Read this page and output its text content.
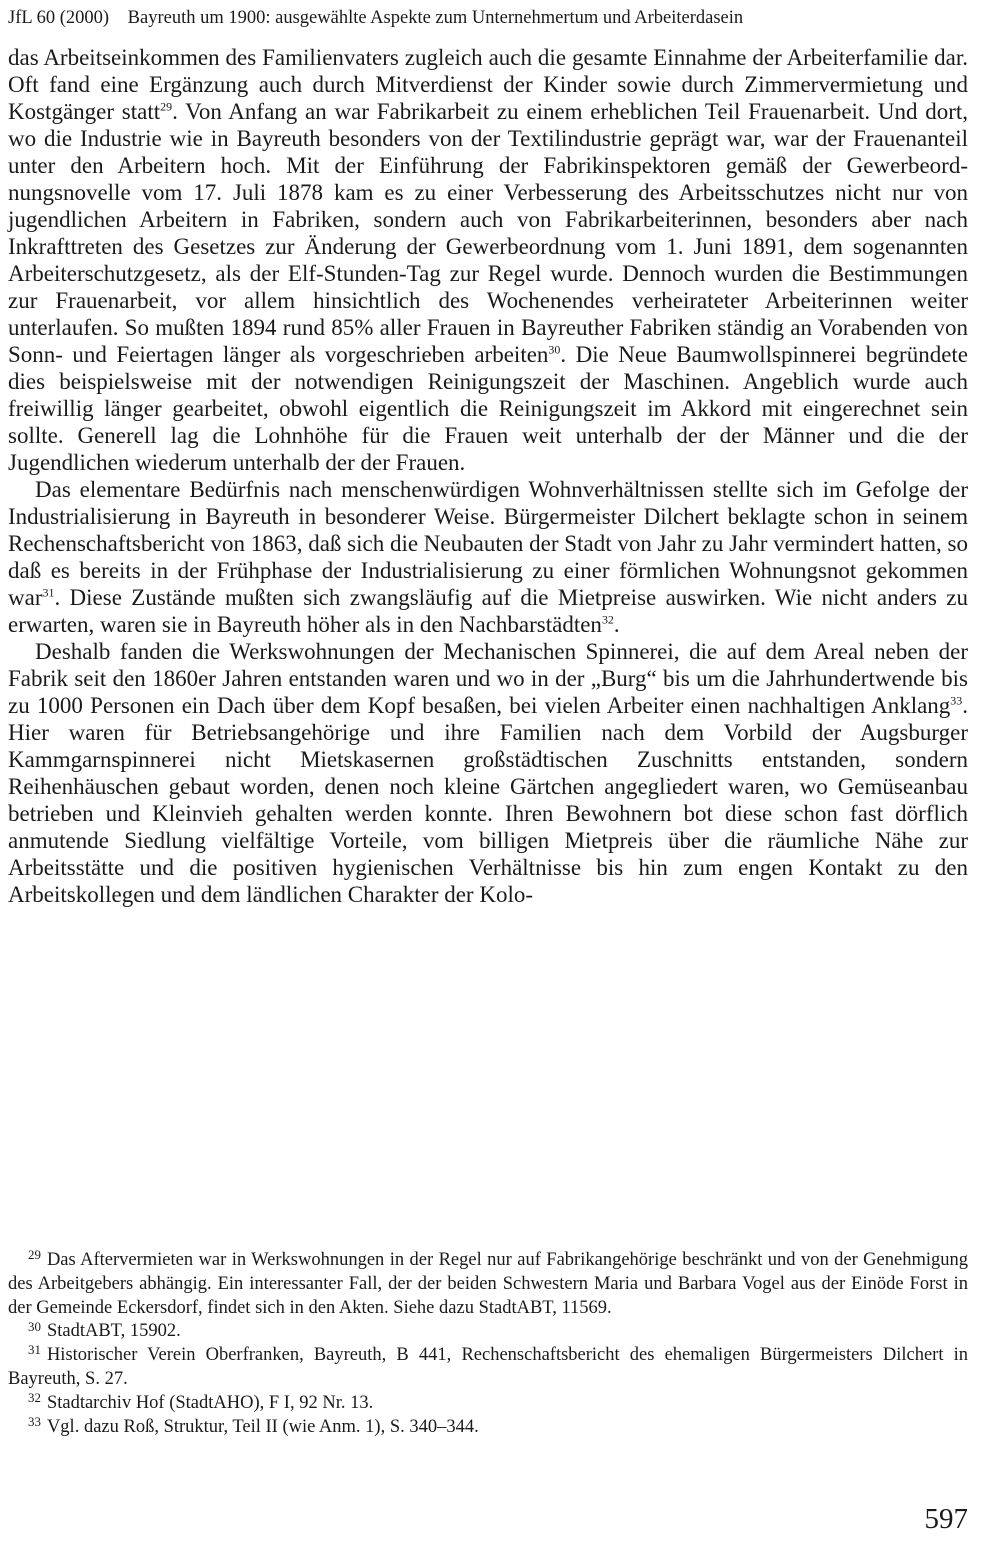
JfL 60 (2000) Bayreuth um 1900: ausgewählte Aspekte zum Unternehmertum und Arbeiterdasein

das Arbeitseinkommen des Familienvaters zugleich auch die gesamte Einnahme der Arbeiterfamilie dar. Oft fand eine Ergänzung auch durch Mitverdienst der Kinder sowie durch Zimmervermietung und Kostgänger statt$^{29}$. Von Anfang an war Fabrikarbeit zu einem erheblichen Teil Frauenarbeit. Und dort, wo die Industrie wie in Bayreuth besonders von der Textilindustrie geprägt war, war der Frauenanteil unter den Arbeitern hoch. Mit der Einführung der Fabrikinspektoren gemäß der Gewerbeordnungsnovelle vom 17. Juli 1878 kam es zu einer Verbesserung des Arbeitsschutzes nicht nur von jugendlichen Arbeitern in Fabriken, sondern auch von Fabrikarbeiterinnen, besonders aber nach Inkrafttreten des Gesetzes zur Änderung der Gewerbeordnung vom 1. Juni 1891, dem sogenannten Arbeiterschutzgesetz, als der Elf-Stunden-Tag zur Regel wurde. Dennoch wurden die Bestimmungen zur Frauenarbeit, vor allem hinsichtlich des Wochenendes verheirateter Arbeiterinnen weiter unterlaufen. So mußten 1894 rund 85% aller Frauen in Bayreuther Fabriken ständig an Vorabenden von Sonn- und Feiertagen länger als vorgeschrieben arbeiten$^{30}$. Die Neue Baumwollspinnerei begründete dies beispielsweise mit der notwendigen Reinigungszeit der Maschinen. Angeblich wurde auch freiwillig länger gearbeitet, obwohl eigentlich die Reinigungszeit im Akkord mit eingerechnet sein sollte. Generell lag die Lohnhöhe für die Frauen weit unterhalb der der Männer und die der Jugendlichen wiederum unterhalb der der Frauen.

Das elementare Bedürfnis nach menschenwürdigen Wohnverhältnissen stellte sich im Gefolge der Industrialisierung in Bayreuth in besonderer Weise. Bürgermeister Dilchert beklagte schon in seinem Rechenschaftsbericht von 1863, daß sich die Neubauten der Stadt von Jahr zu Jahr vermindert hatten, so daß es bereits in der Frühphase der Industrialisierung zu einer förmlichen Wohnungsnot gekommen war$^{31}$. Diese Zustände mußten sich zwangsläufig auf die Mietpreise auswirken. Wie nicht anders zu erwarten, waren sie in Bayreuth höher als in den Nachbarstädten$^{32}$.

Deshalb fanden die Werkswohnungen der Mechanischen Spinnerei, die auf dem Areal neben der Fabrik seit den 1860er Jahren entstanden waren und wo in der „Burg“ bis um die Jahrhundertwende bis zu 1000 Personen ein Dach über dem Kopf besaßen, bei vielen Arbeiter einen nachhaltigen Anklang$^{33}$. Hier waren für Betriebsangehörige und ihre Familien nach dem Vorbild der Augsburger Kammgarnspinnerei nicht Mietskasernen großstädtischen Zuschnitts entstanden, sondern Reihenhäuschen gebaut worden, denen noch kleine Gärtchen angegliedert waren, wo Gemüseanbau betrieben und Kleinvieh gehalten werden konnte. Ihren Bewohnern bot diese schon fast dörflich anmutende Siedlung vielfältige Vorteile, vom billigen Mietpreis über die räumliche Nähe zur Arbeitsstätte und die positiven hygienischen Verhältnisse bis hin zum engen Kontakt zu den Arbeitskollegen und dem ländlichen Charakter der Kolo-

$^{29}$ Das Aftervermieten war in Werkswohnungen in der Regel nur auf Fabrikangehörige beschränkt und von der Genehmigung des Arbeitgebers abhängig. Ein interessanter Fall, der der beiden Schwestern Maria und Barbara Vogel aus der Einöde Forst in der Gemeinde Eckersdorf, findet sich in den Akten. Siehe dazu StadtABT, 11569.

$^{30}$ StadtABT, 15902.

$^{31}$ Historischer Verein Oberfranken, Bayreuth, B 441, Rechenschaftsbericht des ehemaligen Bürgermeisters Dilchert in Bayreuth, S. 27.

$^{32}$ Stadtarchiv Hof (StadtAHO), F I, 92 Nr. 13.

$^{33}$ Vgl. dazu Roß, Struktur, Teil II (wie Anm. 1), S. 340–344.

597
